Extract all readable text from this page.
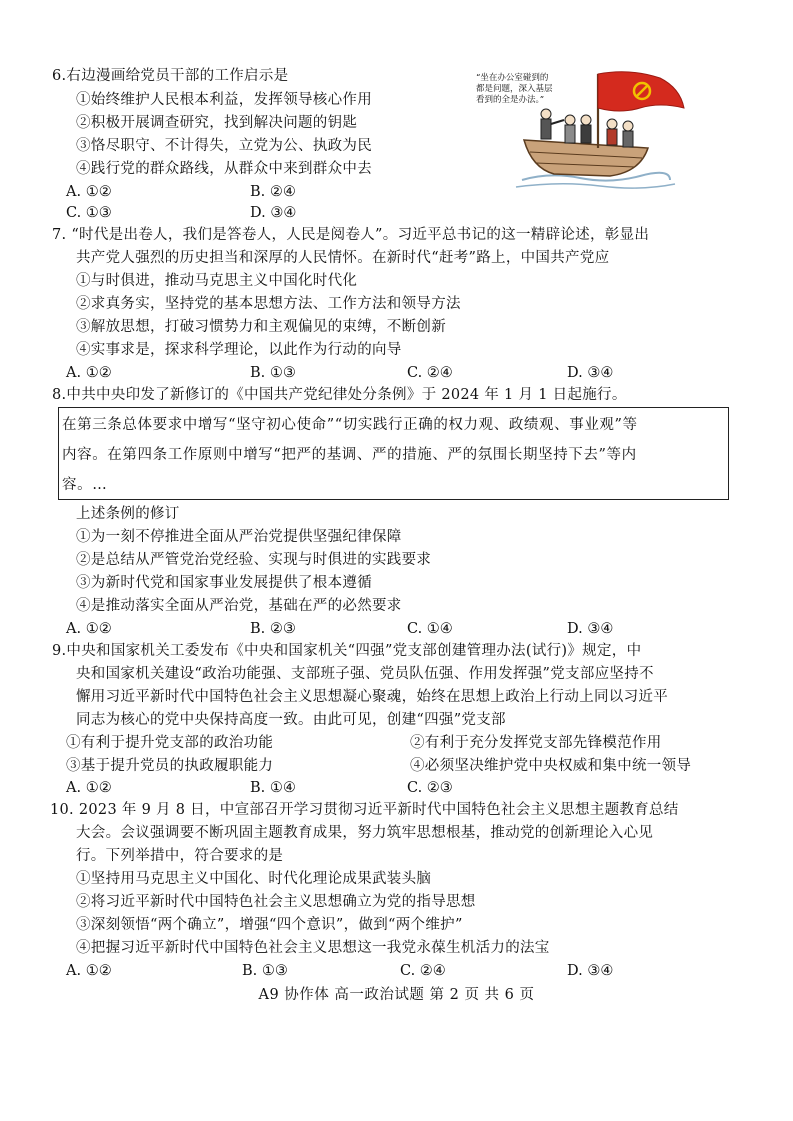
6.右边漫画给党员干部的工作启示是
①始终维护人民根本利益，发挥领导核心作用
②积极开展调查研究，找到解决问题的钥匙
③恪尽职守、不计得失，立党为公、执政为民
④践行党的群众路线，从群众中来到群众中去
A. ①②	B. ②④
C. ①③	D. ③④
“坐在办公室碰到的
都是问题，深入基层
看到的全是办法。”
7. “时代是出卷人，我们是答卷人，人民是阅卷人”。习近平总书记的这一精辟论述，彰显出
共产党人强烈的历史担当和深厚的人民情怀。在新时代“赶考”路上，中国共产党应
①与时俱进，推动马克思主义中国化时代化
②求真务实，坚持党的基本思想方法、工作方法和领导方法
③解放思想，打破习惯势力和主观偏见的束缚，不断创新
④实事求是，探求科学理论，以此作为行动的向导
A. ①②	B. ①③	C. ②④	D. ③④
8.中共中央印发了新修订的《中国共产党纪律处分条例》于 2024 年 1 月 1 日起施行。
在第三条总体要求中增写“坚守初心使命”“切实践行正确的权力观、政绩观、事业观”等
内容。在第四条工作原则中增写“把严的基调、严的措施、严的氛围长期坚持下去”等内
容。…
上述条例的修订
①为一刻不停推进全面从严治党提供坚强纪律保障
②是总结从严管党治党经验、实现与时俱进的实践要求
③为新时代党和国家事业发展提供了根本遵循
④是推动落实全面从严治党，基础在严的必然要求
A. ①②	B. ②③	C. ①④	D. ③④
9.中央和国家机关工委发布《中央和国家机关“四强”党支部创建管理办法(试行)》规定，中
央和国家机关建设“政治功能强、支部班子强、党员队伍强、作用发挥强”党支部应坚持不
懈用习近平新时代中国特色社会主义思想凝心聚魂，始终在思想上政治上行动上同以习近平
同志为核心的党中央保持高度一致。由此可见，创建“四强”党支部
①有利于提升党支部的政治功能	②有利于充分发挥党支部先锋模范作用
③基于提升党员的执政履职能力	④必须坚决维护党中央权威和集中统一领导
A. ①②	B. ①④	C. ②③
10. 2023 年 9 月 8 日，中宣部召开学习贯彻习近平新时代中国特色社会主义思想主题教育总结
大会。会议强调要不断巩固主题教育成果，努力筑牢思想根基，推动党的创新理论入心见
行。下列举措中，符合要求的是
①坚持用马克思主义中国化、时代化理论成果武装头脑
②将习近平新时代中国特色社会主义思想确立为党的指导思想
③深刻领悟“两个确立”，增强“四个意识”，做到“两个维护”
④把握习近平新时代中国特色社会主义思想这一我党永葆生机活力的法宝
A. ①②	B. ①③	C. ②④	D. ③④
A9 协作体 高一政治试题 第 2 页 共 6 页
